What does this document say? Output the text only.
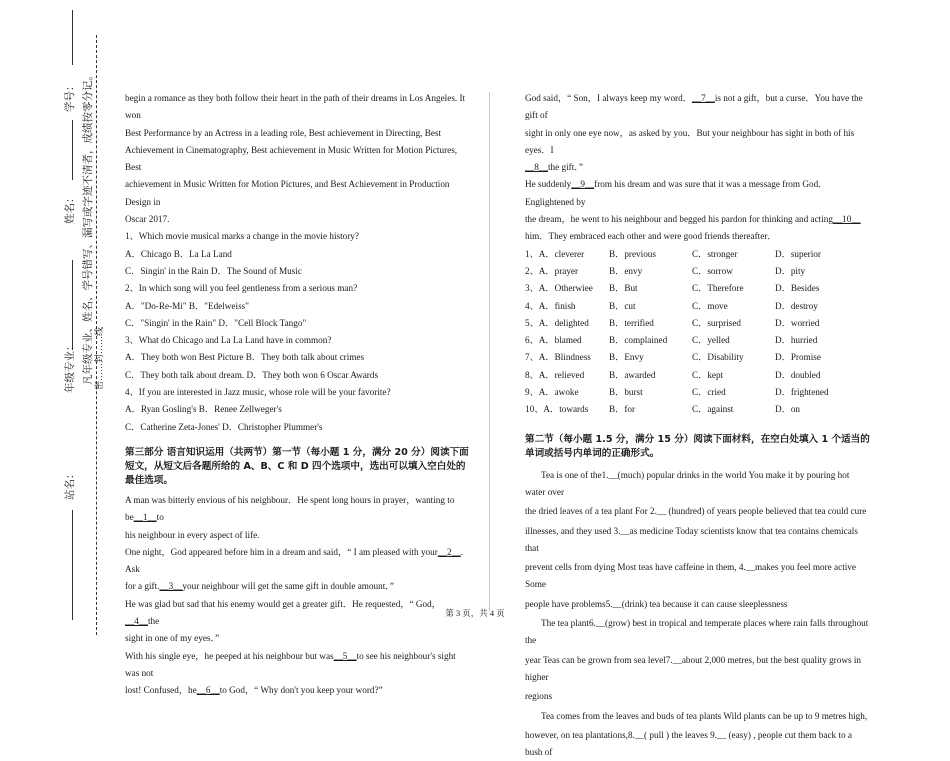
学号：
姓名：
年级专业：
站名：
凡年级专业、姓名、学号错写、漏写或字迹不清者，成绩按零分记。 密……封……线

begin a romance as they both follow their heart in the path of their dreams in Los Angeles. It won

Best Performance by an Actress in a leading role, Best achievement in Directing, Best

Achievement in Cinematography, Best achievement in Music Written for Motion Pictures, Best

achievement in Music Written for Motion Pictures, and Best Achievement in Production Design in

Oscar 2017.

1、Which movie musical marks a change in the movie history?

A．Chicago B．La La Land

C．Singin' in the Rain D．The Sound of Music

2、In which song will you feel gentleness from a serious man?

A．"Do-Re-Mi" B．"Edelweiss"

C．"Singin' in the Rain" D．"Cell Block Tango"

3、What do Chicago and La La Land have in common?

A．They both won Best Picture B．They both talk about crimes

C．They both talk about dream. D．They both won 6 Oscar Awards

4、If you are interested in Jazz music, whose role will be your favorite?

A．Ryan Gosling's B．Renee Zellweger's

C．Catherine Zeta-Jones' D．Christopher Plummer's

第三部分 语言知识运用（共两节）第一节（每小题 1 分，满分 20 分）阅读下面短文，从短文后各题所给的 A、B、C 和 D 四个选项中，选出可以填入空白处的最佳选项。

A man was bitterly envious of his neighbour．He spent long hours in prayer，wanting to be__1__to

his neighbour in every aspect of life.

One night，God appeared before him in a dream and said，“ I am pleased with your__2__. Ask

for a gift.__3__your neighbour will get the same gift in double amount．”

He was glad but sad that his enemy would get a greater gift．He requested，“ God，__4__the

sight in one of my eyes．”

With his single eye，he peeped at his neighbour but was__5__to see his neighbour's sight was not

lost! Confused，he__6__to God，“ Why don't you keep your word?”

God said，“ Son，I always keep my word．__7__is not a gift，but a curse．You have the gift of

sight in only one eye now，as asked by you．But your neighbour has sight in both of his eyes．I

__8__the gift．”

He suddenly__9__from his dream and was sure that it was a message from God．Englightened by

the dream，he went to his neighbour and begged his pardon for thinking and acting__10__

him．They embraced each other and were good friends thereafter．

1、A．cleverer	B．previous	C．stronger	D．superior
2、A．prayer	B．envy	C．sorrow	D．pity
3、A．Otherwiee	B．But	C．Therefore	D．Besides
4、A．finish	B．cut	C．move	D．destroy
5、A．delighted	B．terrified	C．surprised	D．worried
6、A．blamed	B．complained	C．yelled	D．hurried
7、A．Blindness	B．Envy	C．Disability	D．Promise
8、A．relieved	B．awarded	C．kept	D．doubled
9、A．awoke	B．burst	C．cried	D．frightened
10、A．towards	B．for	C．against	D．on
第二节（每小题 1.5 分，满分 15 分）阅读下面材料，在空白处填入 1 个适当的单词或括号内单词的正确形式。

Tea is one of the1.__(much) popular drinks in the world You make it by pouring hot water over

the dried leaves of a tea plant For 2.__ (hundred) of years people believed that tea could cure

illnesses, and they used 3.__as medicine Today scientists know that tea contains chemicals that

prevent cells from dying Most teas have caffeine in them, 4.__makes you feel more active Some

people have problems5.__(drink) tea because it can cause sleeplessness

The tea plant6.__(grow) best in tropical and temperate places where rain falls throughout the

year Teas can be grown from sea level7.__about 2,000 metres, but the best quality grows in higher

regions

Tea comes from the leaves and buds of tea plants Wild plants can be up to 9 metres high,

however, on tea plantations,8.__( pull ) the leaves 9.__ (easy) , people cut them back to a bush of

第 3 页，共 4 页
